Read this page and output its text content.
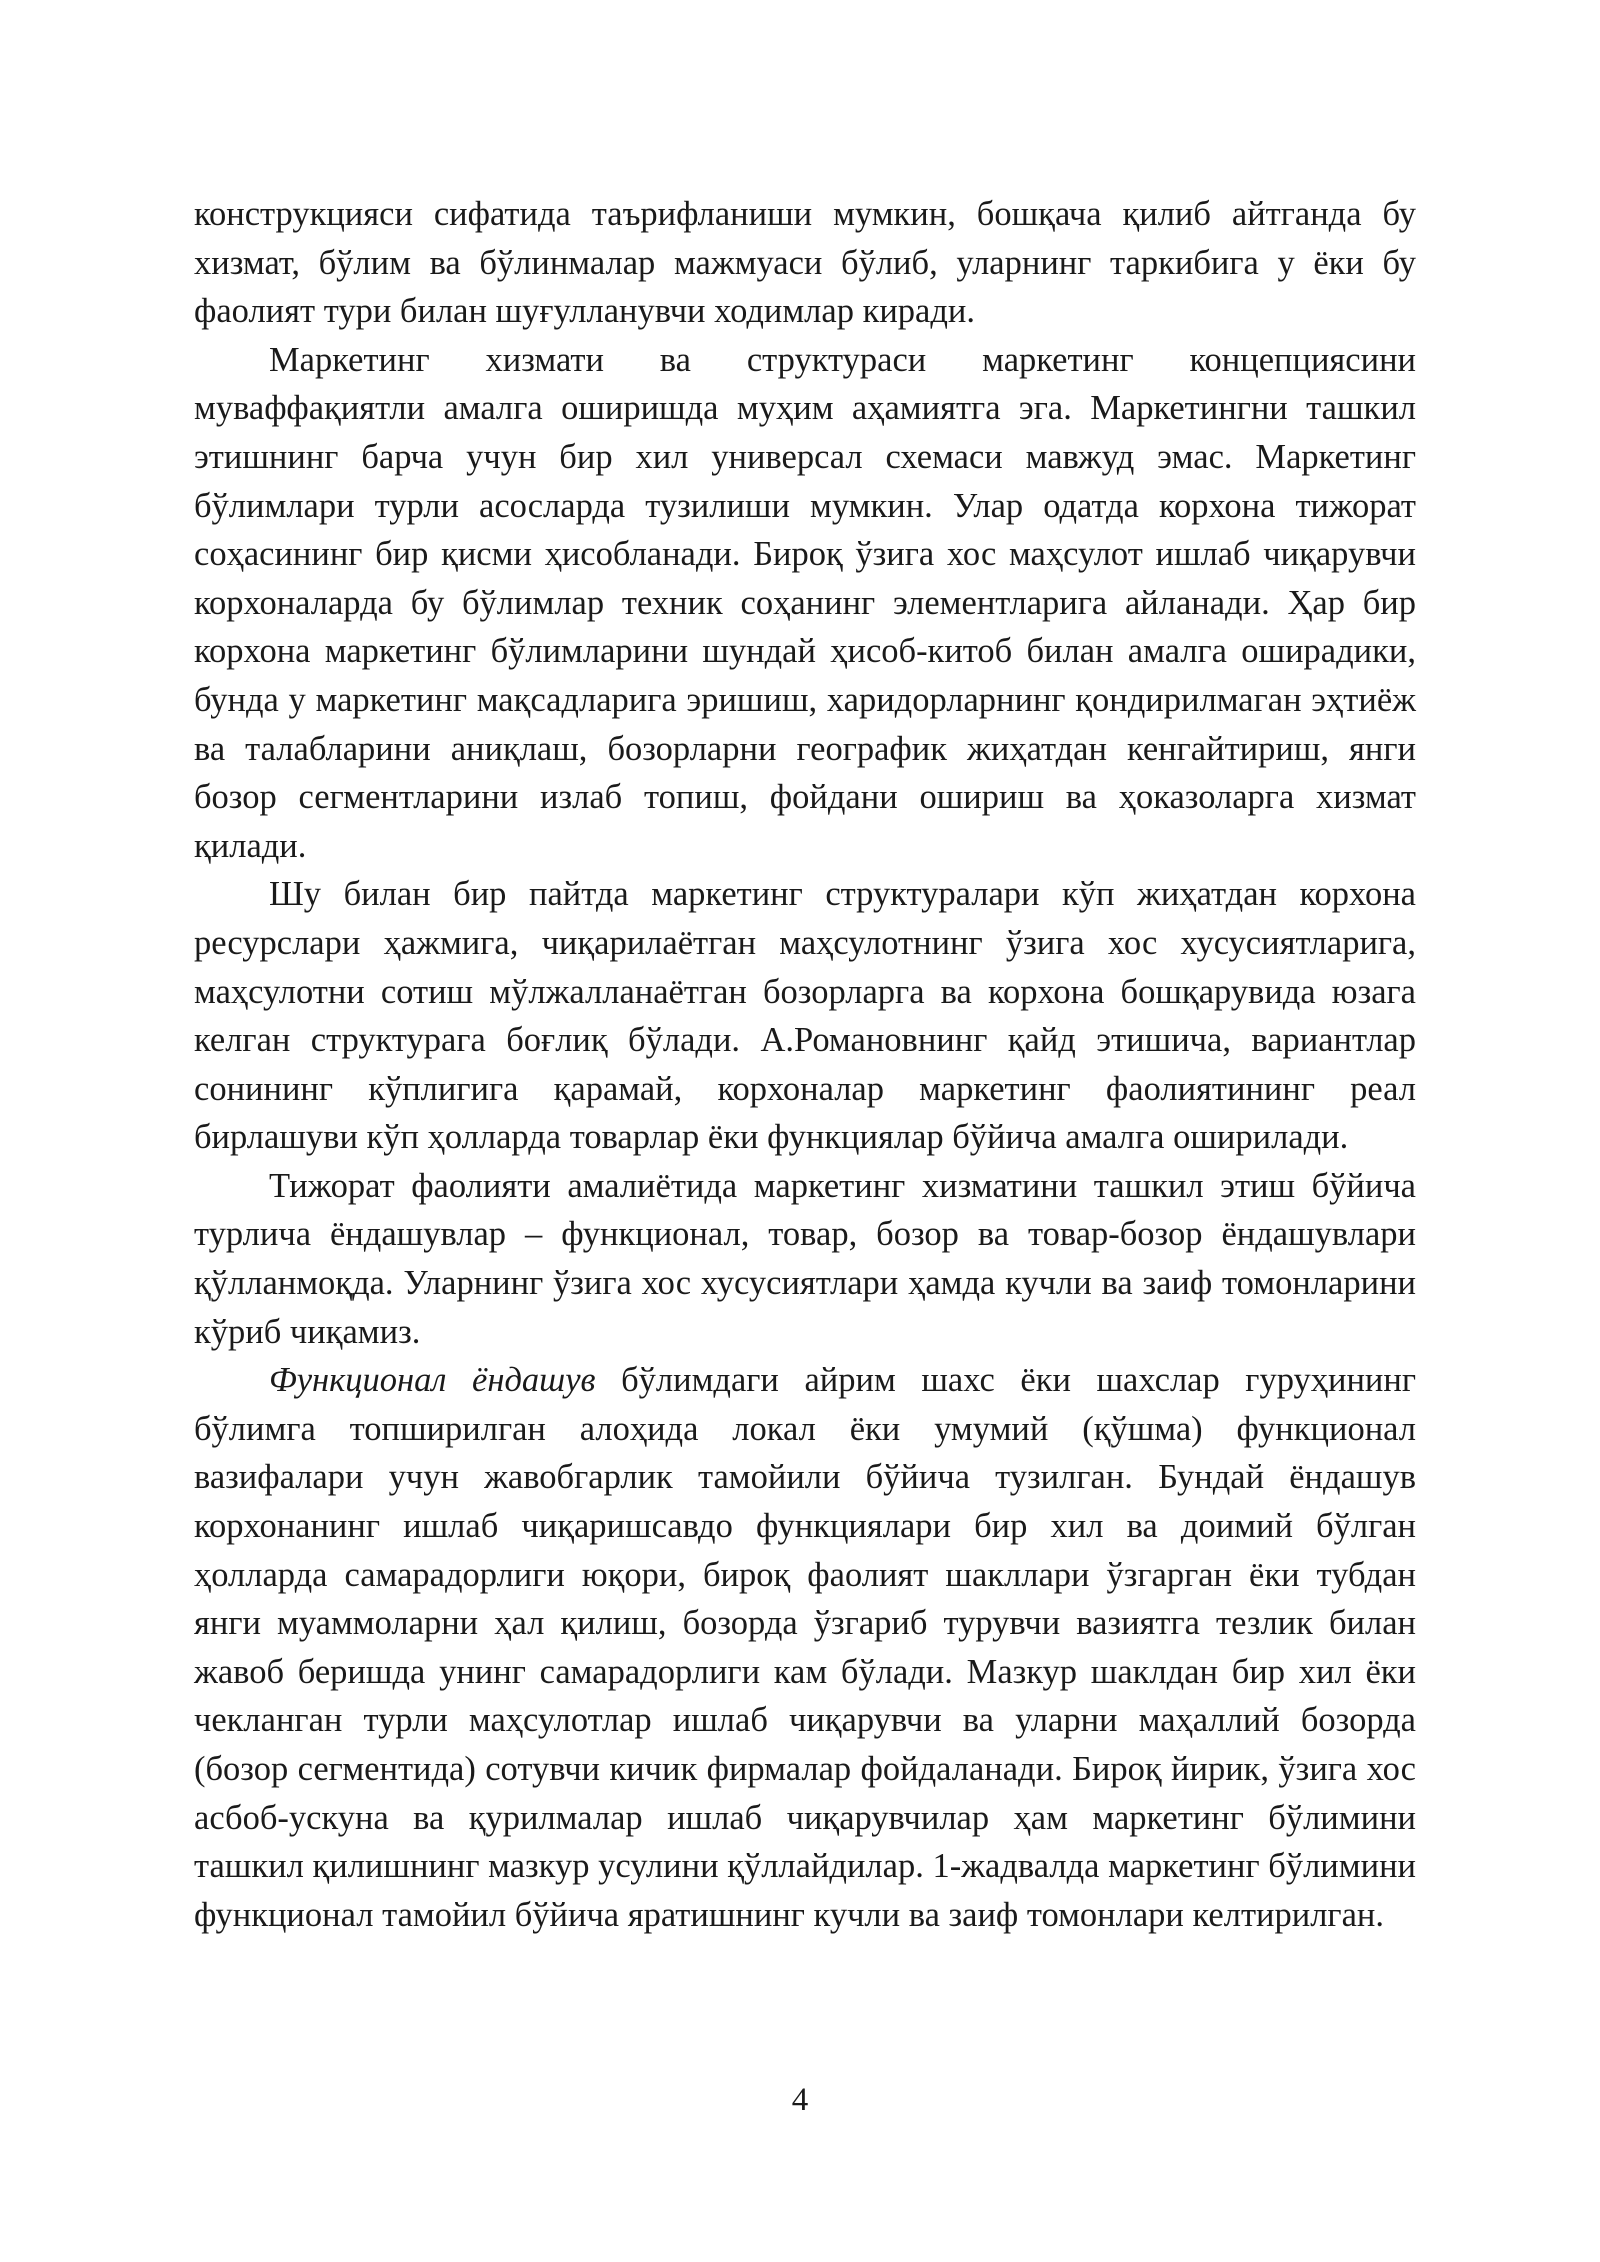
конструкцияси сифатида таърифланиши мумкин, бошқача қилиб айтганда бу хизмат, бўлим ва бўлинмалар мажмуаси бўлиб, уларнинг таркибига у ёки бу фаолият тури билан шуғулланувчи ходимлар киради.

Маркетинг хизмати ва структураси маркетинг концепциясини муваффақиятли амалга оширишда муҳим аҳамиятга эга. Маркетингни ташкил этишнинг барча учун бир хил универсал схемаси мавжуд эмас. Маркетинг бўлимлари турли асосларда тузилиши мумкин. Улар одатда корхона тижорат соҳасининг бир қисми ҳисобланади. Бироқ ўзига хос маҳсулот ишлаб чиқарувчи корхоналарда бу бўлимлар техник соҳанинг элементларига айланади. Ҳар бир корхона маркетинг бўлимларини шундай ҳисоб-китоб билан амалга оширадики, бунда у маркетинг мақсадларига эришиш, харидорларнинг қондирилмаган эҳтиёж ва талабларини аниқлаш, бозорларни географик жиҳатдан кенгайтириш, янги бозор сегментларини излаб топиш, фойдани ошириш ва ҳоказоларга хизмат қилади.

Шу билан бир пайтда маркетинг структуралари кўп жиҳатдан корхона ресурслари ҳажмига, чиқарилаётган маҳсулотнинг ўзига хос хусусиятларига, маҳсулотни сотиш мўлжалланаётган бозорларга ва корхона бошқарувида юзага келган структурага боғлиқ бўлади. А.Романовнинг қайд этишича, вариантлар сонининг кўплигига қарамай, корхоналар маркетинг фаолиятининг реал бирлашуви кўп ҳолларда товарлар ёки функциялар бўйича амалга оширилади.

Тижорат фаолияти амалиётида маркетинг хизматини ташкил этиш бўйича турлича ёндашувлар – функционал, товар, бозор ва товар-бозор ёндашувлари қўлланмоқда. Уларнинг ўзига хос хусусиятлари ҳамда кучли ва заиф томонларини кўриб чиқамиз.

Функционал ёндашув бўлимдаги айрим шахс ёки шахслар гуруҳининг бўлимга топширилган алоҳида локал ёки умумий (қўшма) функционал вазифалари учун жавобгарлик тамойили бўйича тузилган. Бундай ёндашув корхонанинг ишлаб чиқаришсавдо функциялари бир хил ва доимий бўлган ҳолларда самарадорлиги юқори, бироқ фаолият шакллари ўзгарган ёки тубдан янги муаммоларни ҳал қилиш, бозорда ўзгариб турувчи вазиятга тезлик билан жавоб беришда унинг самарадорлиги кам бўлади. Мазкур шаклдан бир хил ёки чекланган турли маҳсулотлар ишлаб чиқарувчи ва уларни маҳаллий бозорда (бозор сегментида) сотувчи кичик фирмалар фойдаланади. Бироқ йирик, ўзига хос асбоб-ускуна ва қурилмалар ишлаб чиқарувчилар ҳам маркетинг бўлимини ташкил қилишнинг мазкур усулини қўллайдилар. 1-жадвалда маркетинг бўлимини функционал тамойил бўйича яратишнинг кучли ва заиф томонлари келтирилган.

4
